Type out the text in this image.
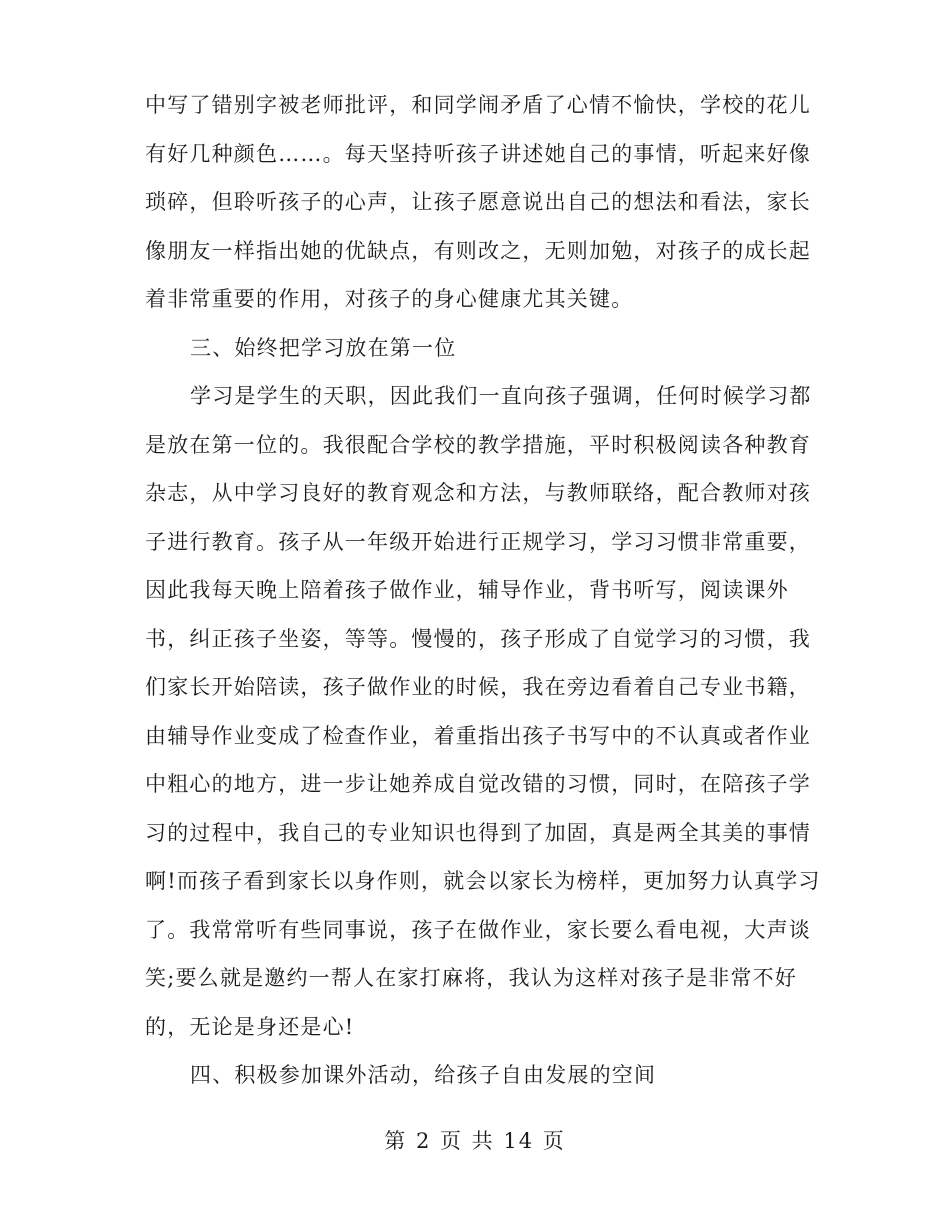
中写了错别字被老师批评，和同学闹矛盾了心情不愉快，学校的花儿
有好几种颜色……。每天坚持听孩子讲述她自己的事情，听起来好像
琐碎，但聆听孩子的心声，让孩子愿意说出自己的想法和看法，家长
像朋友一样指出她的优缺点，有则改之，无则加勉，对孩子的成长起
着非常重要的作用，对孩子的身心健康尤其关键。
三、始终把学习放在第一位
学习是学生的天职，因此我们一直向孩子强调，任何时候学习都
是放在第一位的。我很配合学校的教学措施，平时积极阅读各种教育
杂志，从中学习良好的教育观念和方法，与教师联络，配合教师对孩
子进行教育。孩子从一年级开始进行正规学习，学习习惯非常重要，
因此我每天晚上陪着孩子做作业，辅导作业，背书听写，阅读课外
书，纠正孩子坐姿，等等。慢慢的，孩子形成了自觉学习的习惯，我
们家长开始陪读，孩子做作业的时候，我在旁边看着自己专业书籍，
由辅导作业变成了检查作业，着重指出孩子书写中的不认真或者作业
中粗心的地方，进一步让她养成自觉改错的习惯，同时，在陪孩子学
习的过程中，我自己的专业知识也得到了加固，真是两全其美的事情
啊!而孩子看到家长以身作则，就会以家长为榜样，更加努力认真学习
了。我常常听有些同事说，孩子在做作业，家长要么看电视，大声谈
笑;要么就是邀约一帮人在家打麻将，我认为这样对孩子是非常不好
的，无论是身还是心!
四、积极参加课外活动，给孩子自由发展的空间
第 2 页 共 14 页
